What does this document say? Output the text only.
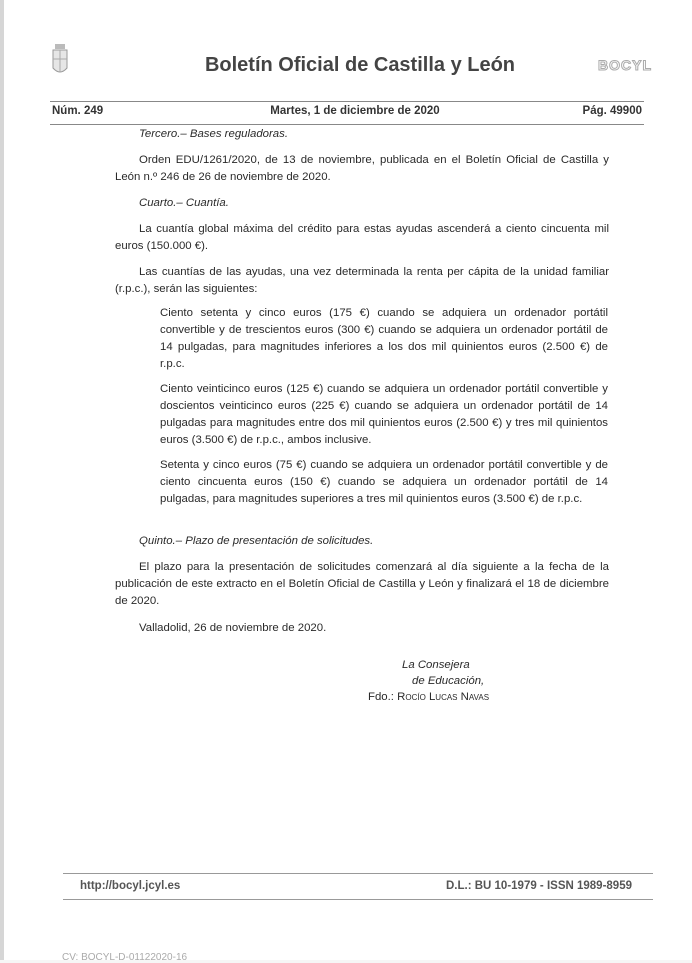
Boletín Oficial de Castilla y León	BOCYL
Núm. 249	Martes, 1 de diciembre de 2020	Pág. 49900
Tercero.– Bases reguladoras.
Orden EDU/1261/2020, de 13 de noviembre, publicada en el Boletín Oficial de Castilla y León n.º 246 de 26 de noviembre de 2020.
Cuarto.– Cuantía.
La cuantía global máxima del crédito para estas ayudas ascenderá a ciento cincuenta mil euros (150.000 €).
Las cuantías de las ayudas, una vez determinada la renta per cápita de la unidad familiar (r.p.c.), serán las siguientes:
Ciento setenta y cinco euros (175 €) cuando se adquiera un ordenador portátil convertible y de trescientos euros (300 €) cuando se adquiera un ordenador portátil de 14 pulgadas, para magnitudes inferiores a los dos mil quinientos euros (2.500 €) de r.p.c.
Ciento veinticinco euros (125 €) cuando se adquiera un ordenador portátil convertible y doscientos veinticinco euros (225 €) cuando se adquiera un ordenador portátil de 14 pulgadas para magnitudes entre dos mil quinientos euros (2.500 €) y tres mil quinientos euros (3.500 €) de r.p.c., ambos inclusive.
Setenta y cinco euros (75 €) cuando se adquiera un ordenador portátil convertible y de ciento cincuenta euros (150 €) cuando se adquiera un ordenador portátil de 14 pulgadas, para magnitudes superiores a tres mil quinientos euros (3.500 €) de r.p.c.
Quinto.– Plazo de presentación de solicitudes.
El plazo para la presentación de solicitudes comenzará al día siguiente a la fecha de la publicación de este extracto en el Boletín Oficial de Castilla y León y finalizará el 18 de diciembre de 2020.
Valladolid, 26 de noviembre de 2020.
La Consejera
de Educación,
Fdo.: Rocío Lucas Navas
http://bocyl.jcyl.es	D.L.: BU 10-1979 - ISSN 1989-8959
CV: BOCYL-D-01122020-16
